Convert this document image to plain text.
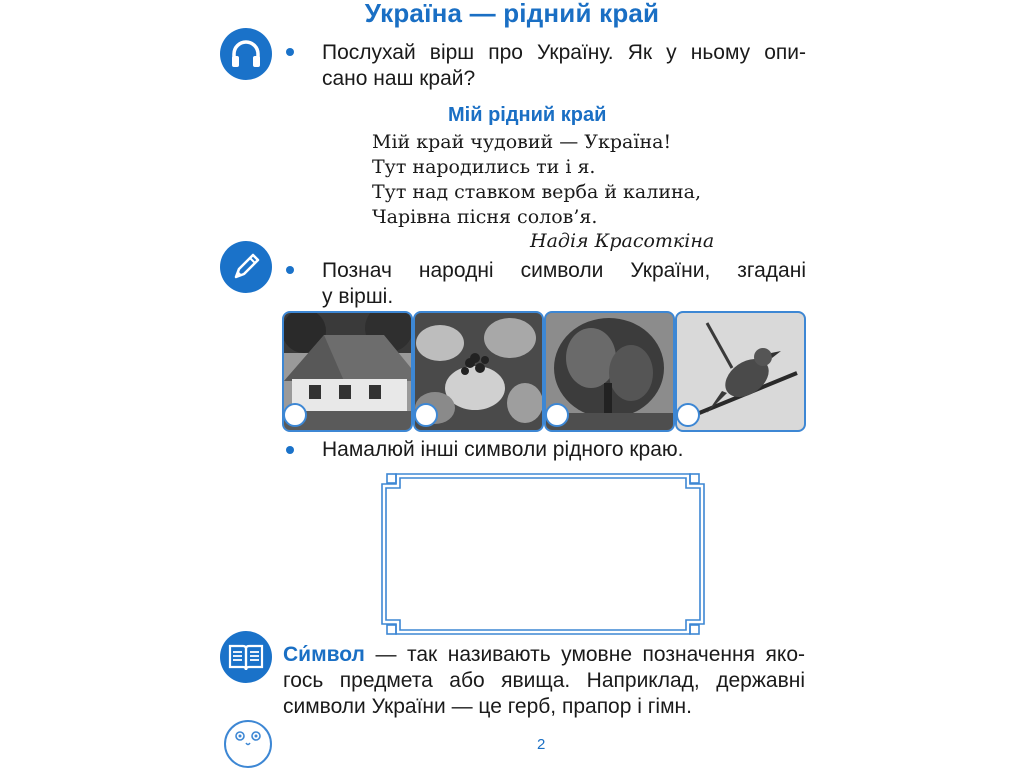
Україна — рідний край
Послухай вірш про Україну. Як у ньому опи-
сано наш край?
Мій рідний край
Мій край чудовий — Україна!
Тут народились ти і я.
Тут над ставком верба й калина,
Чарівна пісня солов’я.
Надія Красоткіна
Познач народні символи України, згадані
у вірші.
Намалюй інші символи рідного краю.
Си́мвол — так називають умовне позначення яко-
гось предмета або явища. Наприклад, державні
символи України — це герб, прапор і гімн.
2
